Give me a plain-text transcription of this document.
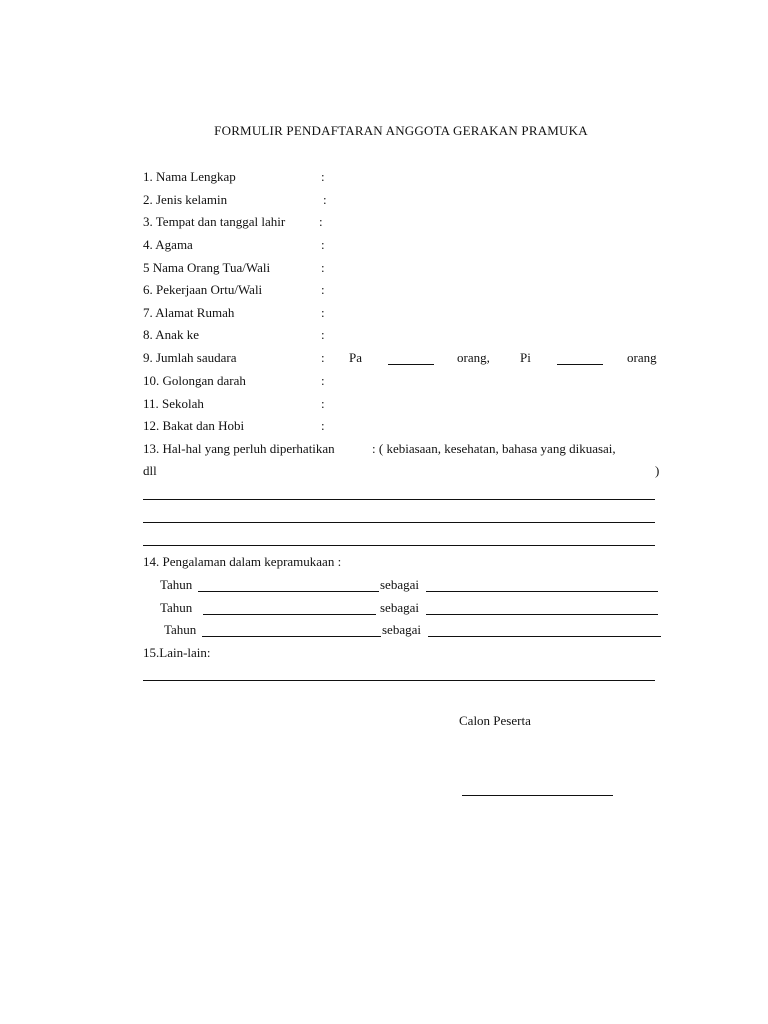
FORMULIR PENDAFTARAN ANGGOTA GERAKAN PRAMUKA
1. Nama Lengkap	:
2. Jenis kelamin	:
3. Tempat dan tanggal lahir	:
4. Agama	:
5 Nama Orang Tua/Wali	:
6. Pekerjaan Ortu/Wali	:
7. Alamat Rumah	:
8. Anak ke	:
9. Jumlah saudara	: Pa	orang, Pi	orang
10. Golongan darah	:
11. Sekolah	:
12. Bakat dan Hobi	:
13. Hal-hal yang perluh diperhatikan	: ( kebiasaan, kesehatan, bahasa yang dikuasai,
dll	)
14. Pengalaman dalam kepramukaan :
Tahun	sebagai
Tahun	sebagai
Tahun	sebagai
15.Lain-lain:
Calon Peserta
